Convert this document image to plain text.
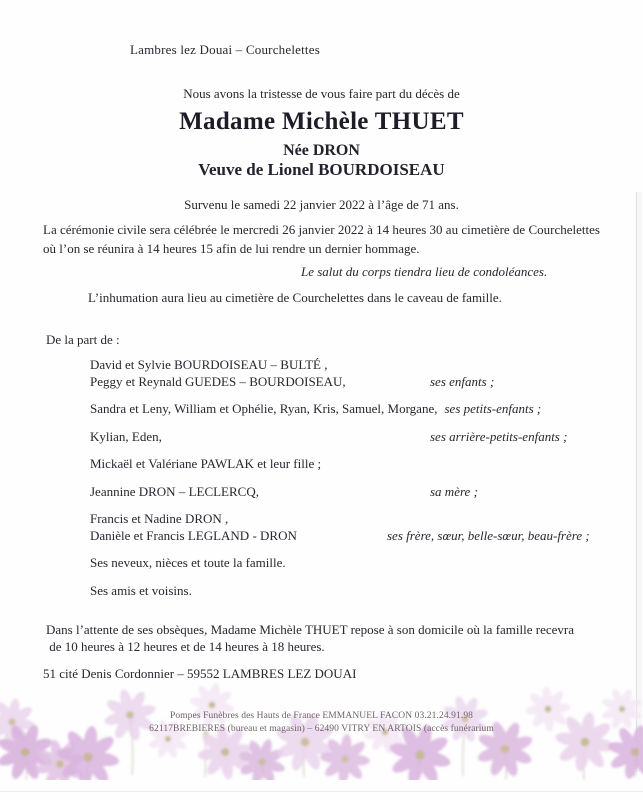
Lambres lez Douai – Courchelettes
Nous avons la tristesse de vous faire part du décès de
Madame Michèle THUET
Née DRON
Veuve de Lionel BOURDOISEAU
Survenu le samedi 22 janvier 2022 à l’âge de 71 ans.
La cérémonie civile sera célébrée le mercredi 26 janvier 2022 à 14 heures 30 au cimetière de Courchelettes où l’on se réunira à 14 heures 15 afin de lui rendre un dernier hommage.
Le salut du corps tiendra lieu de condoléances.
L’inhumation aura lieu au cimetière de Courchelettes dans le caveau de famille.
De la part de :
David et Sylvie BOURDOISEAU – BULTÉ ,
Peggy et Reynald GUEDES – BOURDOISEAU,	ses enfants ;
Sandra et Leny, William et Ophélie, Ryan, Kris, Samuel, Morgane, ses petits-enfants ;
Kylian, Eden,	ses arrière-petits-enfants ;
Mickaël et Valériane PAWLAK et leur fille ;
Jeannine DRON – LECLERCQ,	sa mère ;
Francis et Nadine DRON ,
Danièle et Francis LEGLAND - DRON	ses frère, sœur, belle-sœur, beau-frère ;
Ses neveux, nièces et toute la famille.
Ses amis et voisins.
Dans l’attente de ses obsèques, Madame Michèle THUET repose à son domicile où la famille recevra
de 10 heures à 12 heures et de 14 heures à 18 heures.
51 cité Denis Cordonnier – 59552 LAMBRES LEZ DOUAI
Pompes Funèbres des Hauts de France EMMANUEL FACON 03.21.24.91.98
62117BREBIERES (bureau et magasin) – 62490 VITRY EN ARTOIS (accès funérarium
